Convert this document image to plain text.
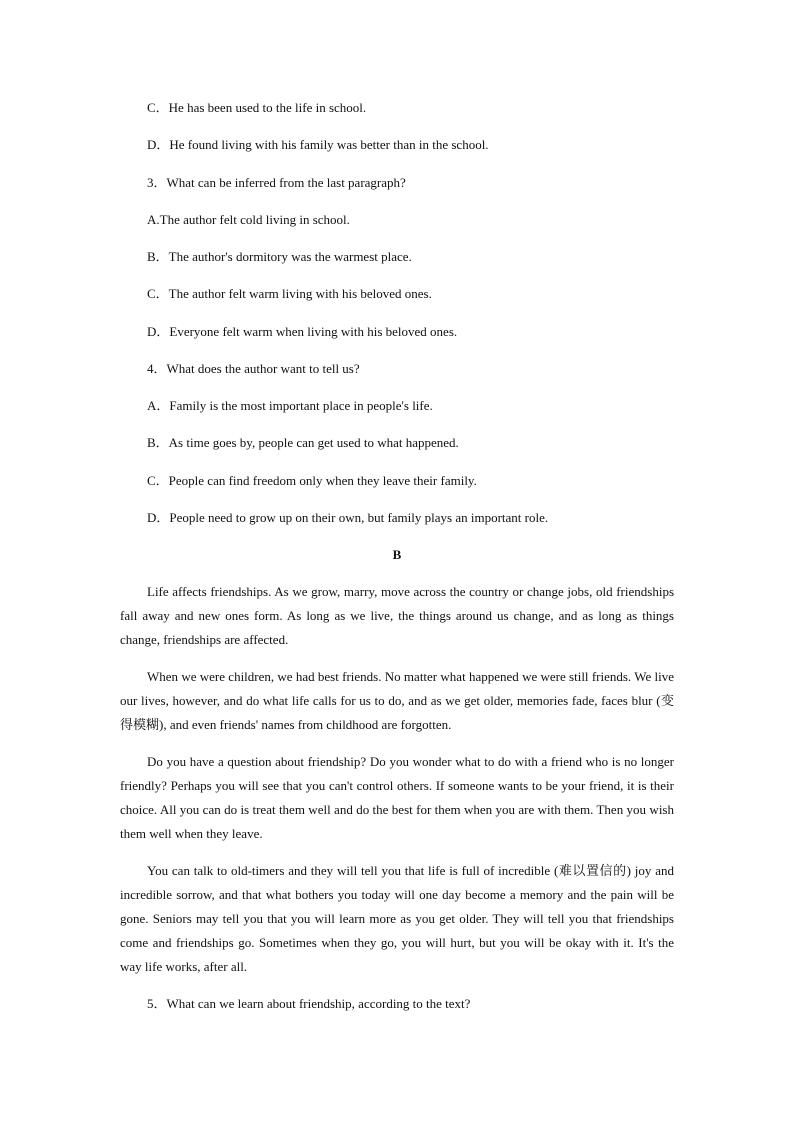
C．He has been used to the life in school.
D．He found living with his family was better than in the school.
3．What can be inferred from the last paragraph?
A.The author felt cold living in school.
B．The author's dormitory was the warmest place.
C．The author felt warm living with his beloved ones.
D．Everyone felt warm when living with his beloved ones.
4．What does the author want to tell us?
A．Family is the most important place in people's life.
B．As time goes by, people can get used to what happened.
C．People can find freedom only when they leave their family.
D．People need to grow up on their own, but family plays an important role.
B

Life affects friendships. As we grow, marry, move across the country or change jobs, old friendships fall away and new ones form. As long as we live, the things around us change, and as long as things change, friendships are affected.

When we were children, we had best friends. No matter what happened we were still friends. We live our lives, however, and do what life calls for us to do, and as we get older, memories fade, faces blur (变得模糊), and even friends' names from childhood are forgotten.

Do you have a question about friendship? Do you wonder what to do with a friend who is no longer friendly? Perhaps you will see that you can't control others. If someone wants to be your friend, it is their choice. All you can do is treat them well and do the best for them when you are with them. Then you wish them well when they leave.

You can talk to old-timers and they will tell you that life is full of incredible (难以置信的) joy and incredible sorrow, and that what bothers you today will one day become a memory and the pain will be gone. Seniors may tell you that you will learn more as you get older. They will tell you that friendships come and friendships go. Sometimes when they go, you will hurt, but you will be okay with it. It's the way life works, after all.

5．What can we learn about friendship, according to the text?
